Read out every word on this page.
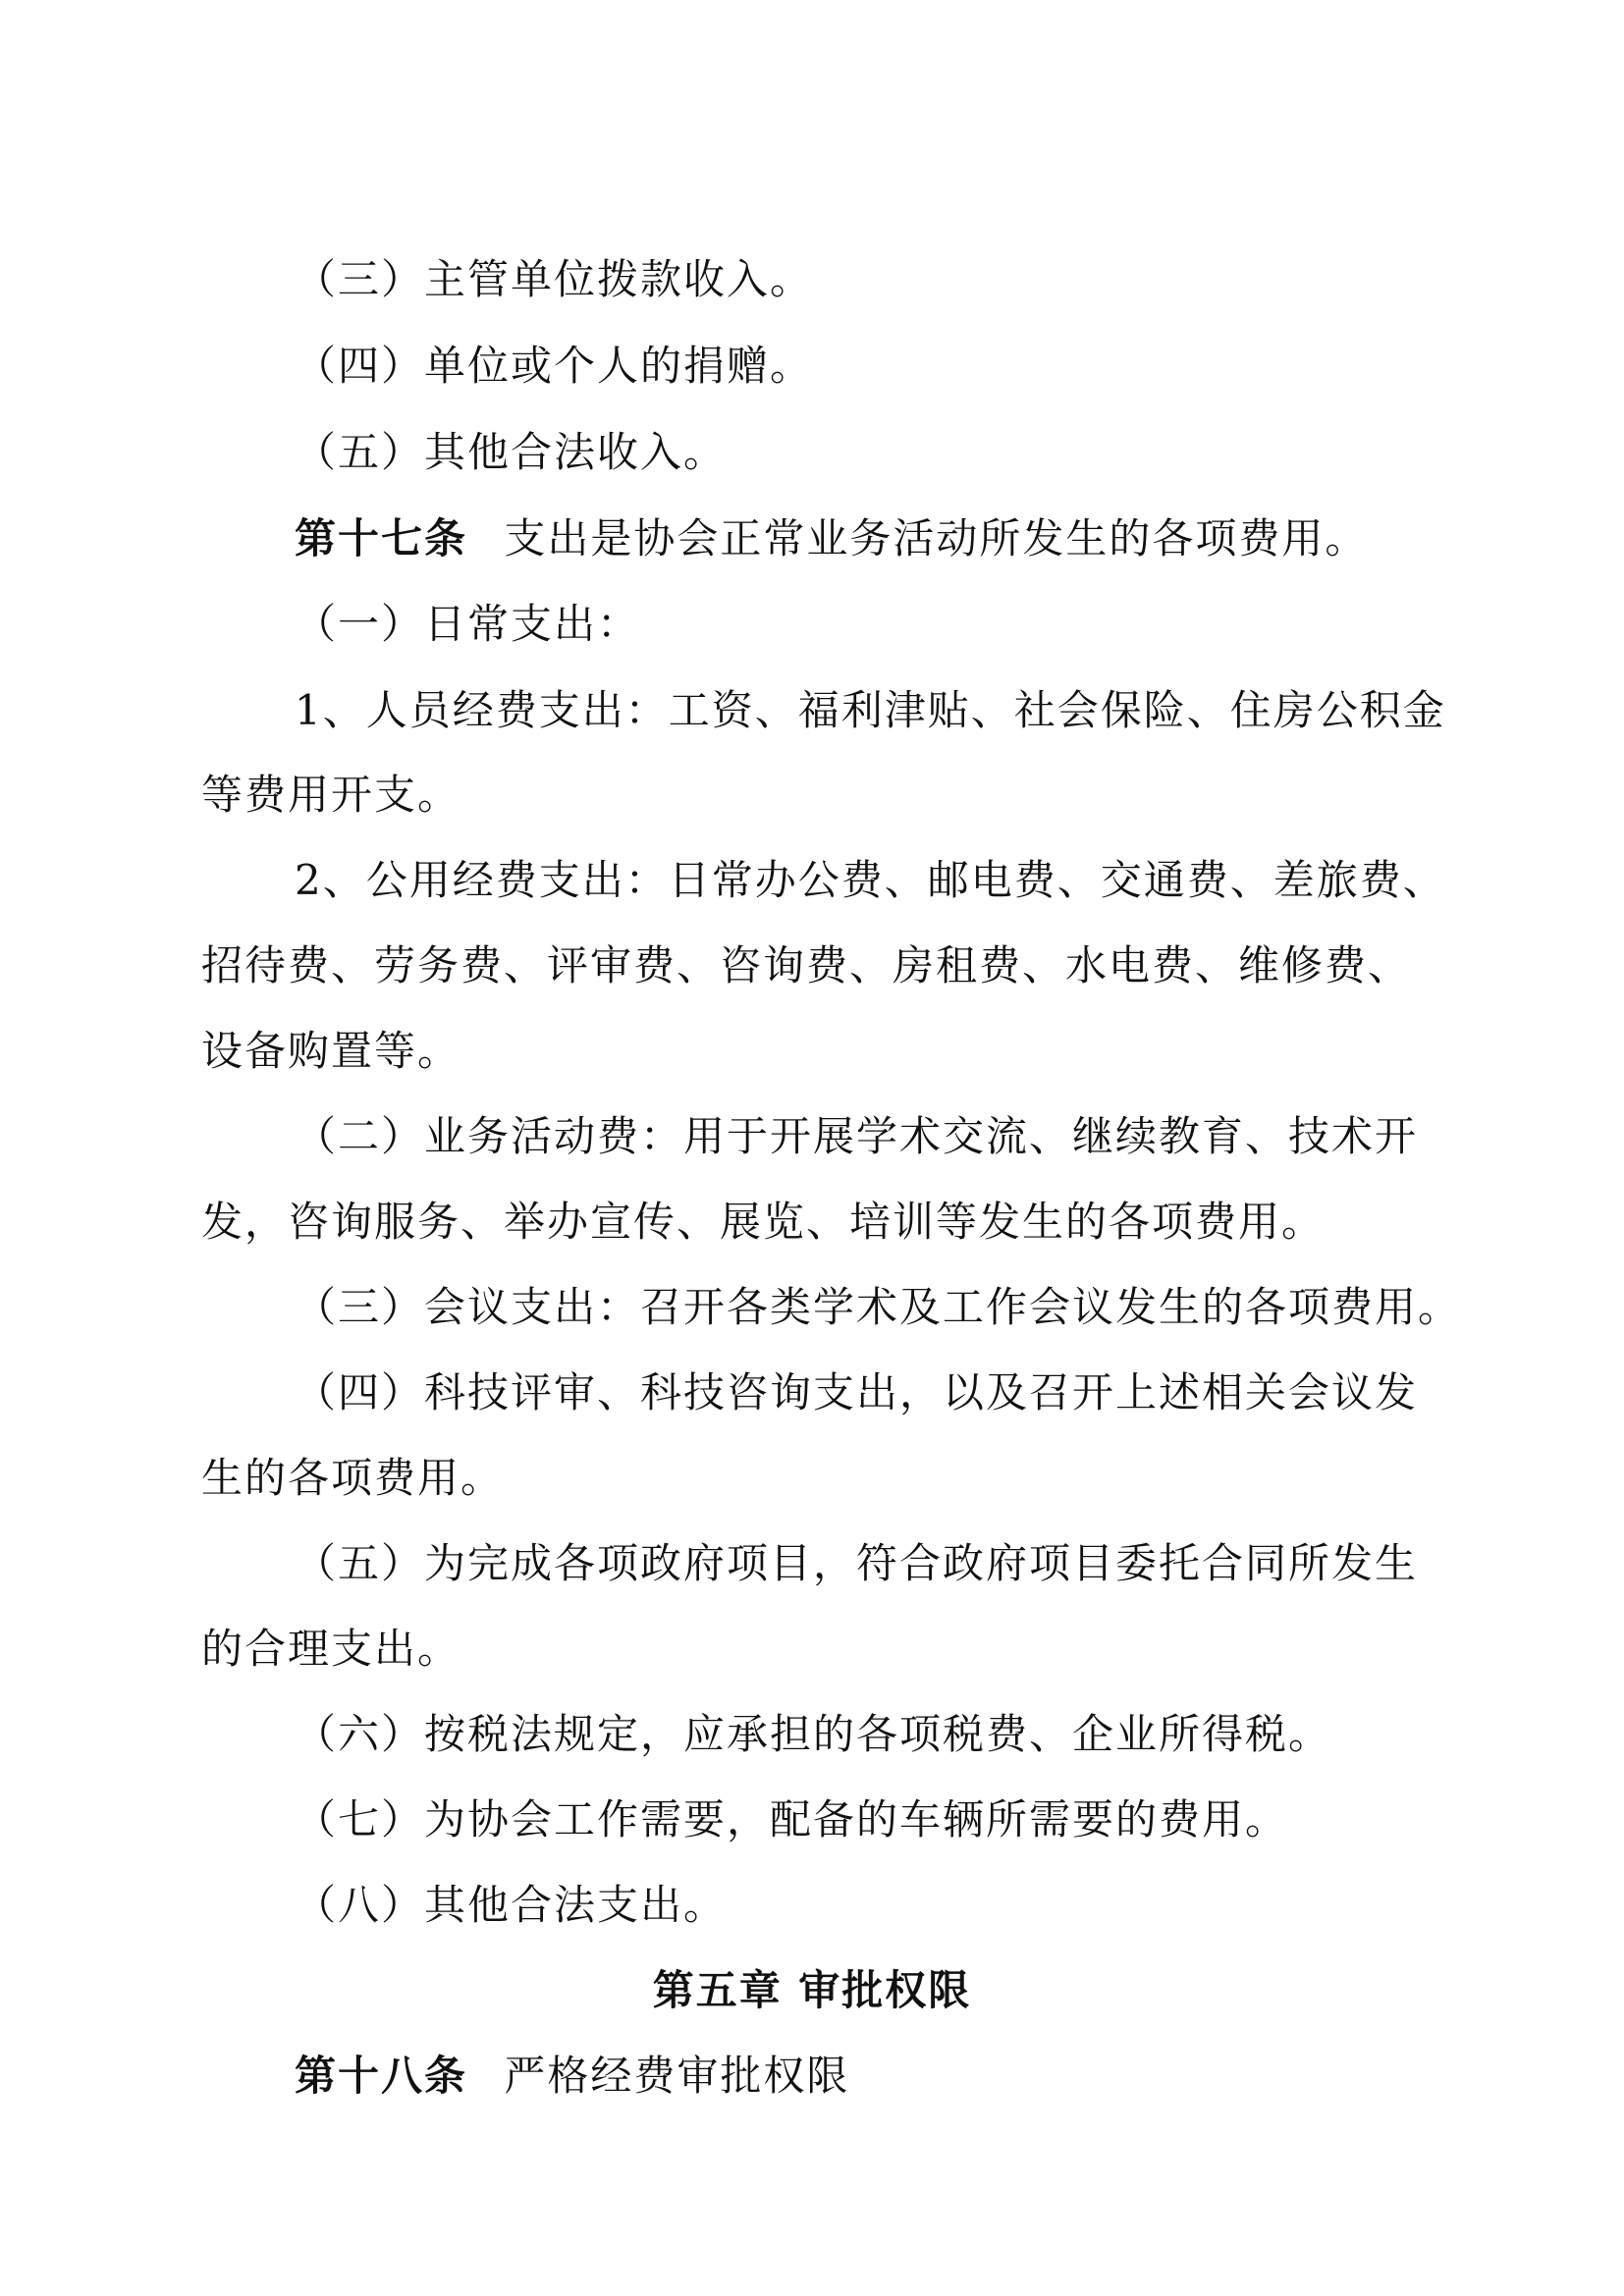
（三）主管单位拨款收入。
（四）单位或个人的捐赠。
（五）其他合法收入。
第十七条 支出是协会正常业务活动所发生的各项费用。
（一）日常支出：
1、人员经费支出：工资、福利津贴、社会保险、住房公积金
等费用开支。
2、公用经费支出：日常办公费、邮电费、交通费、差旅费、
招待费、劳务费、评审费、咨询费、房租费、水电费、维修费、
设备购置等。
（二）业务活动费：用于开展学术交流、继续教育、技术开
发，咨询服务、举办宣传、展览、培训等发生的各项费用。
（三）会议支出：召开各类学术及工作会议发生的各项费用。
（四）科技评审、科技咨询支出，以及召开上述相关会议发
生的各项费用。
（五）为完成各项政府项目，符合政府项目委托合同所发生
的合理支出。
（六）按税法规定，应承担的各项税费、企业所得税。
（七）为协会工作需要，配备的车辆所需要的费用。
（八）其他合法支出。
第五章 审批权限
第十八条 严格经费审批权限
